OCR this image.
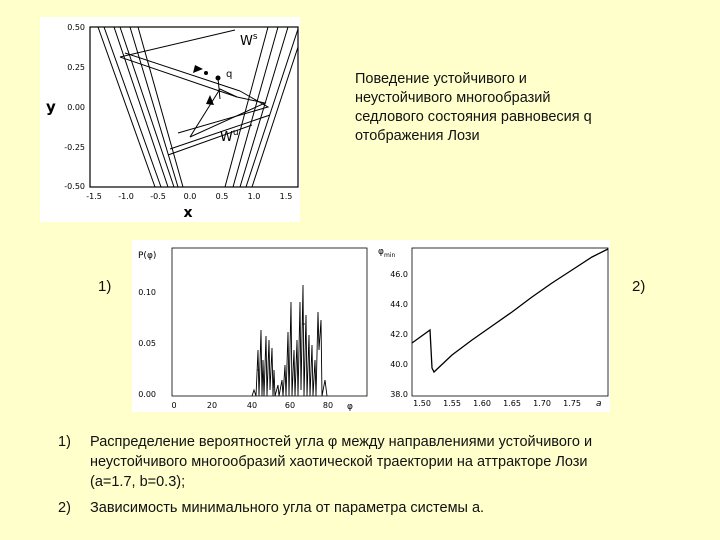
$W^s$
q
$W^u$
0.50
0.25
0.00
-0.25
-0.50
-1.5 -1.0 -0.5 0.0 0.5 1.0 1.5
x
y
Поведение устойчивого и
неустойчивого многообразий
седлового состояния равновесия q
отображения Лози
1)	2)
P(φ)
0.10
0.05
0.00
0	20	40	60	80 φ
$\varphi_{min}$
46.0
44.0
42.0
40.0
38.0
1.50 1.55 1.60 1.65 1.70 1.75 a
1) Распределение вероятностей угла φ между направлениями устойчивого и
неустойчивого многообразий хаотической траектории на аттракторе Лози
(a=1.7, b=0.3);
2) Зависимость минимального угла от параметра системы a.
